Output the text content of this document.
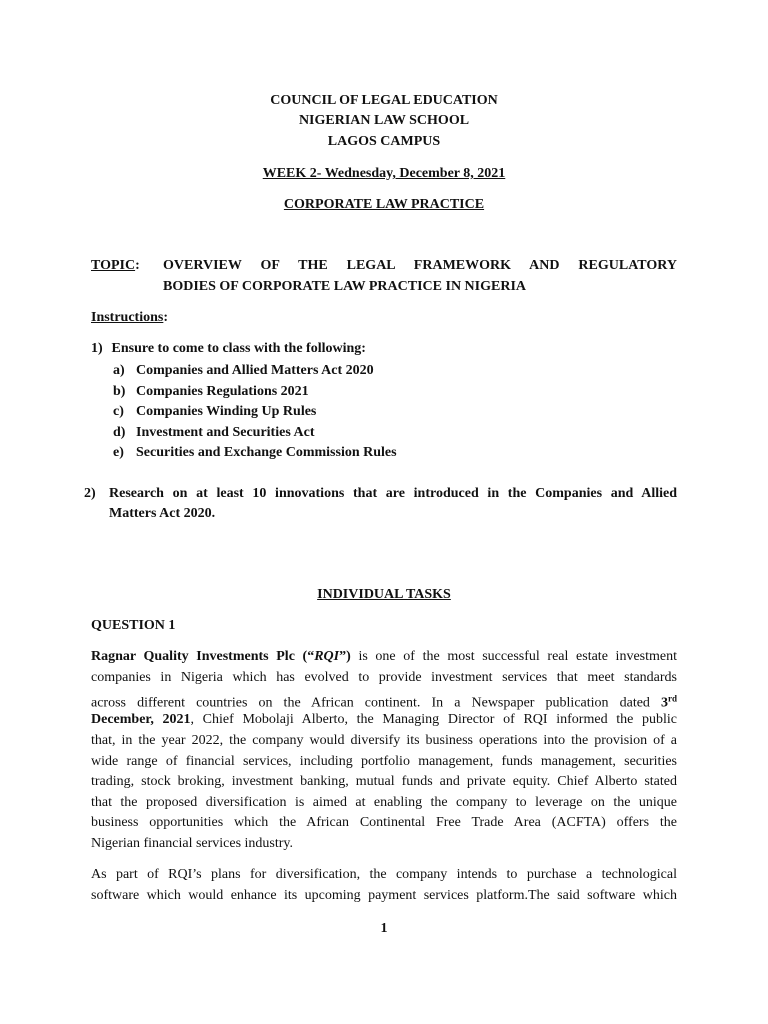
COUNCIL OF LEGAL EDUCATION
NIGERIAN LAW SCHOOL
LAGOS CAMPUS
WEEK 2- Wednesday, December 8, 2021
CORPORATE LAW PRACTICE
TOPIC: OVERVIEW OF THE LEGAL FRAMEWORK AND REGULATORY
BODIES OF CORPORATE LAW PRACTICE IN NIGERIA
Instructions:
1) Ensure to come to class with the following:
a) Companies and Allied Matters Act 2020
b) Companies Regulations 2021
c) Companies Winding Up Rules
d) Investment and Securities Act
e) Securities and Exchange Commission Rules
2) Research on at least 10 innovations that are introduced in the Companies and Allied
Matters Act 2020.
INDIVIDUAL TASKS
QUESTION 1
Ragnar Quality Investments Plc (“RQI”) is one of the most successful real estate investment
companies in Nigeria which has evolved to provide investment services that meet standards
across different countries on the African continent. In a Newspaper publication dated 3rd
December, 2021, Chief Mobolaji Alberto, the Managing Director of RQI informed the public
that, in the year 2022, the company would diversify its business operations into the provision of a
wide range of financial services, including portfolio management, funds management, securities
trading, stock broking, investment banking, mutual funds and private equity. Chief Alberto stated
that the proposed diversification is aimed at enabling the company to leverage on the unique
business opportunities which the African Continental Free Trade Area (ACFTA) offers the
Nigerian financial services industry.
As part of RQI’s plans for diversification, the company intends to purchase a technological
software which would enhance its upcoming payment services platform.The said software which
1
